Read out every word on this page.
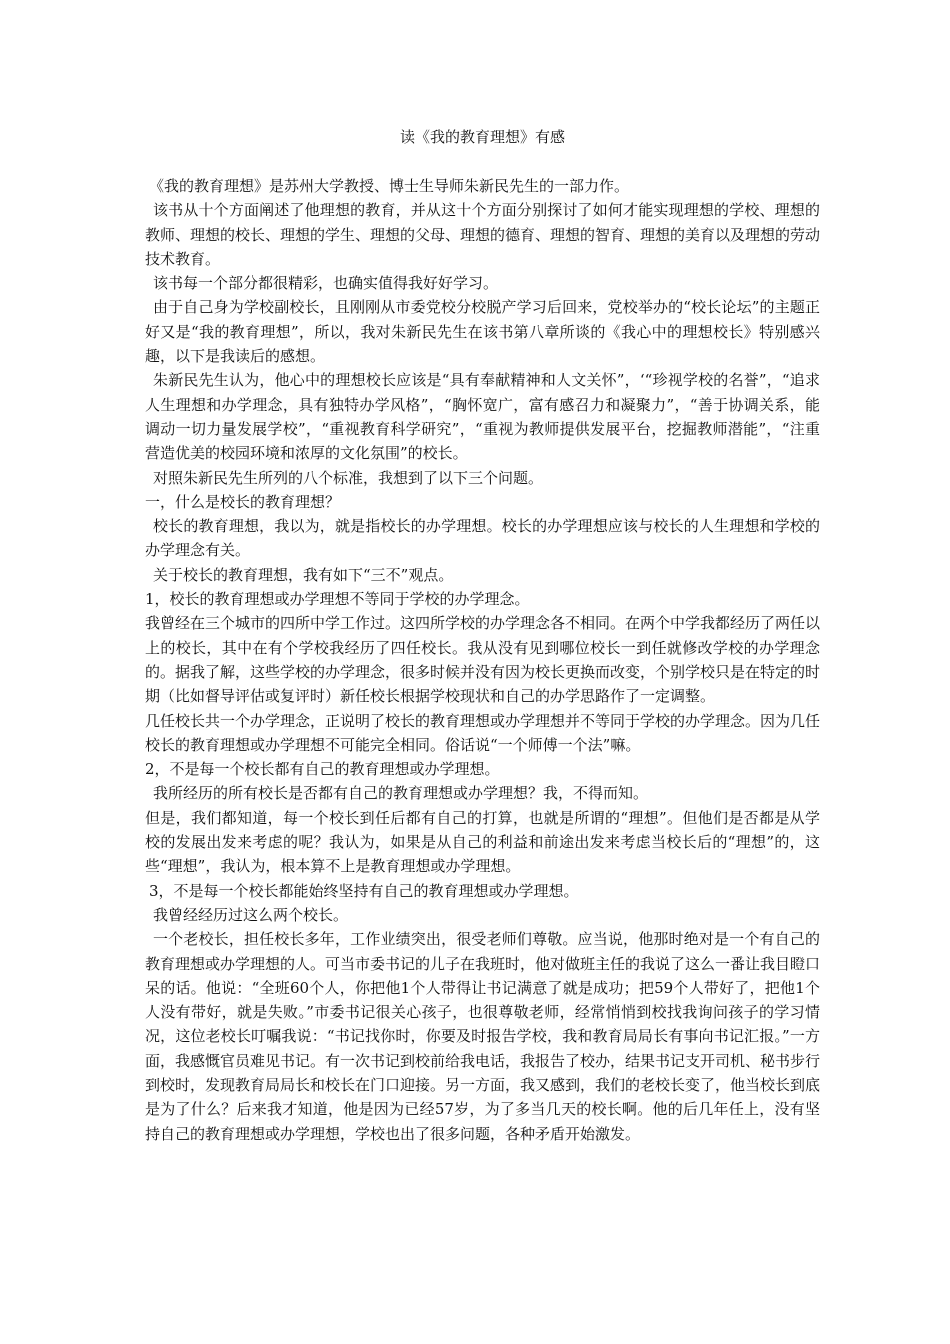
读《我的教育理想》有感

《我的教育理想》是苏州大学教授、博士生导师朱新民先生的一部力作。

该书从十个方面阐述了他理想的教育，并从这十个方面分别探讨了如何才能实现理想的学校、理想的教师、理想的校长、理想的学生、理想的父母、理想的德育、理想的智育、理想的美育以及理想的劳动技术教育。

该书每一个部分都很精彩，也确实值得我好好学习。

由于自己身为学校副校长，且刚刚从市委党校分校脱产学习后回来，党校举办的“校长论坛”的主题正好又是“我的教育理想”，所以，我对朱新民先生在该书第八章所谈的《我心中的理想校长》特别感兴趣，以下是我读后的感想。

朱新民先生认为，他心中的理想校长应该是“具有奉献精神和人文关怀”，‘“珍视学校的名誉”，“追求人生理想和办学理念，具有独特办学风格”，“胸怀宽广，富有感召力和凝聚力”，“善于协调关系，能调动一切力量发展学校”，“重视教育科学研究”，“重视为教师提供发展平台，挖掘教师潜能”，“注重营造优美的校园环境和浓厚的文化氛围”的校长。

对照朱新民先生所列的八个标准，我想到了以下三个问题。

一，什么是校长的教育理想？

校长的教育理想，我以为，就是指校长的办学理想。校长的办学理想应该与校长的人生理想和学校的办学理念有关。

关于校长的教育理想，我有如下“三不”观点。

1，校长的教育理想或办学理想不等同于学校的办学理念。

我曾经在三个城市的四所中学工作过。这四所学校的办学理念各不相同。在两个中学我都经历了两任以上的校长，其中在有个学校我经历了四任校长。我从没有见到哪位校长一到任就修改学校的办学理念的。据我了解，这些学校的办学理念，很多时候并没有因为校长更换而改变，个别学校只是在特定的时期（比如督导评估或复评时）新任校长根据学校现状和自己的办学思路作了一定调整。

几任校长共一个办学理念，正说明了校长的教育理想或办学理想并不等同于学校的办学理念。因为几任校长的教育理想或办学理想不可能完全相同。俗话说“一个师傅一个法”嘛。

2，不是每一个校长都有自己的教育理想或办学理想。

我所经历的所有校长是否都有自己的教育理想或办学理想？我，不得而知。

但是，我们都知道，每一个校长到任后都有自己的打算，也就是所谓的“理想”。但他们是否都是从学校的发展出发来考虑的呢？我认为，如果是从自己的利益和前途出发来考虑当校长后的“理想”的，这些“理想”，我认为，根本算不上是教育理想或办学理想。

3，不是每一个校长都能始终坚持有自己的教育理想或办学理想。

我曾经经历过这么两个校长。

一个老校长，担任校长多年，工作业绩突出，很受老师们尊敬。应当说，他那时绝对是一个有自己的教育理想或办学理想的人。可当市委书记的儿子在我班时，他对做班主任的我说了这么一番让我目瞪口呆的话。他说：“全班60个人，你把他1个人带得让书记满意了就是成功；把59个人带好了，把他1个人没有带好，就是失败。”市委书记很关心孩子，也很尊敬老师，经常悄悄到校找我询问孩子的学习情况，这位老校长叮嘱我说：“书记找你时，你要及时报告学校，我和教育局局长有事向书记汇报。”一方面，我感慨官员难见书记。有一次书记到校前给我电话，我报告了校办，结果书记支开司机、秘书步行到校时，发现教育局局长和校长在门口迎接。另一方面，我又感到，我们的老校长变了，他当校长到底是为了什么？后来我才知道，他是因为已经57岁，为了多当几天的校长啊。他的后几年任上，没有坚持自己的教育理想或办学理想，学校也出了很多问题，各种矛盾开始激发。
